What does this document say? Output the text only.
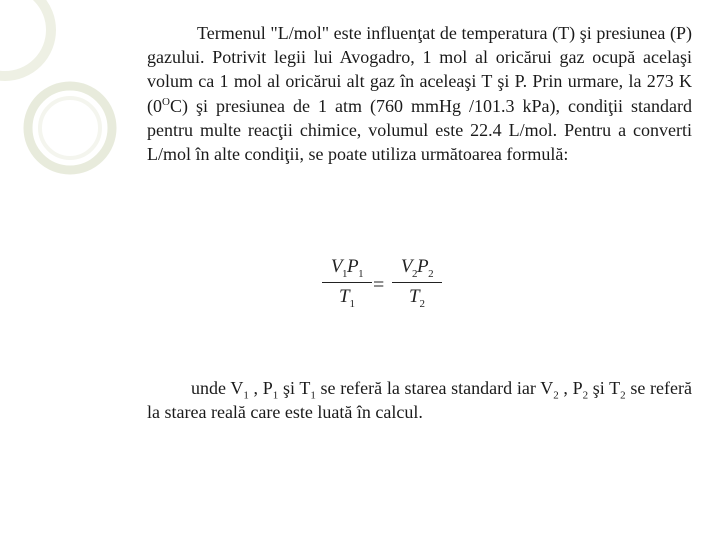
Termenul "L/mol" este influenţat de temperatura (T) şi presiunea (P) gazului. Potrivit legii lui Avogadro, 1 mol al oricărui gaz ocupă acelaşi volum ca 1 mol al oricărui alt gaz în aceleaşi T şi P. Prin urmare, la 273 K $(0^OC)$ şi presiunea de 1 atm (760 mmHg /101.3 kPa), condiţii standard pentru multe reacţii chimice, volumul este 22.4 L/mol. Pentru a converti L/mol în alte condiţii, se poate utiliza următoarea formulă:

$V_1P_1$
$T_1$
=
$V_2P_2$
$T_2$

unde $V_1$ , $P_1$ şi $T_1$ se referă la starea standard iar $V_2$ , $P_2$ şi $T_2$ se referă la starea reală care este luată în calcul.
